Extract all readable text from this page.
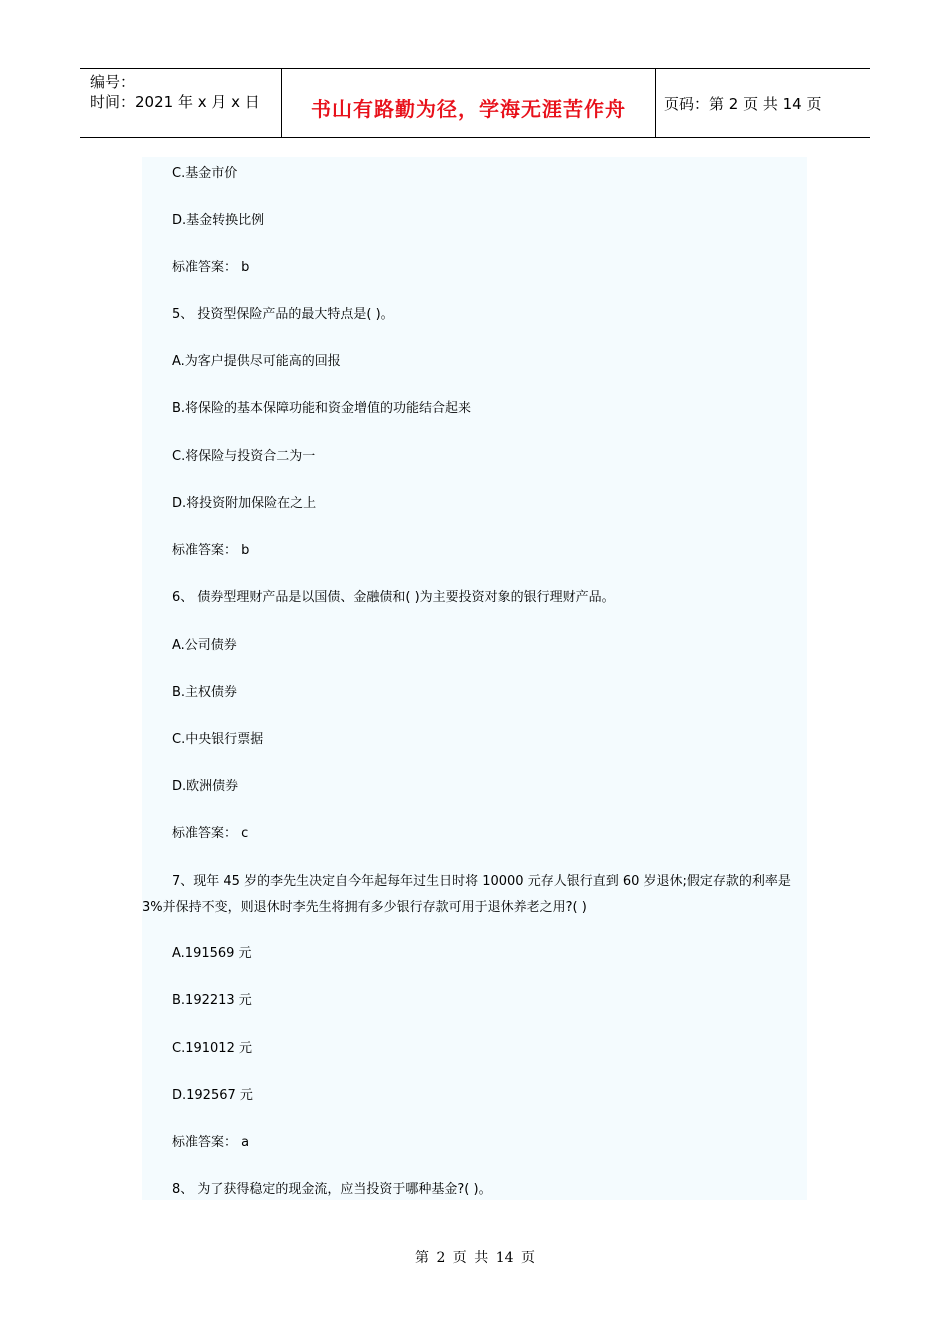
编号：
时间：2021 年 x 月 x 日	书山有路勤为径，学海无涯苦作舟	页码：第 2 页 共 14 页
C.基金市价
D.基金转换比例
标准答案： b
5、 投资型保险产品的最大特点是( )。
A.为客户提供尽可能高的回报
B.将保险的基本保障功能和资金增值的功能结合起来
C.将保险与投资合二为一
D.将投资附加保险在之上
标准答案： b
6、 债券型理财产品是以国债、金融债和( )为主要投资对象的银行理财产品。
A.公司债券
B.主权债券
C.中央银行票据
D.欧洲债券
标准答案： c
7、现年 45 岁的李先生决定自今年起每年过生日时将 10000 元存人银行直到 60 岁退休;假定存款的利率是
3%并保持不变，则退休时李先生将拥有多少银行存款可用于退休养老之用?( )
A.191569 元
B.192213 元
C.191012 元
D.192567 元
标准答案： a
8、 为了获得稳定的现金流，应当投资于哪种基金?( )。
第 2 页 共 14 页
